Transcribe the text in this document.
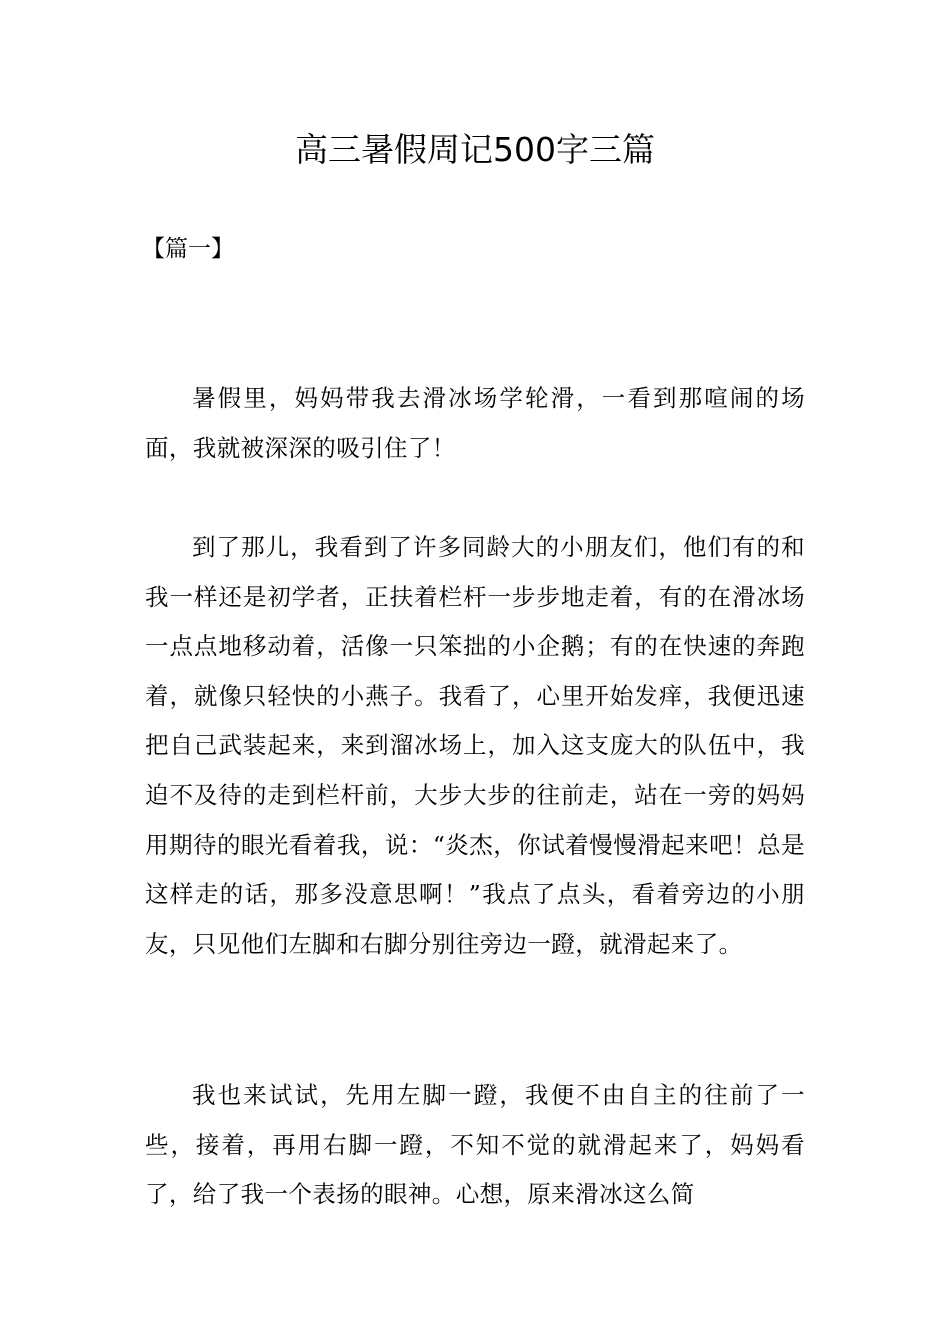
高三暑假周记500字三篇
【篇一】

暑假里，妈妈带我去滑冰场学轮滑，一看到那喧闹的场面，我就被深深的吸引住了！

到了那儿，我看到了许多同龄大的小朋友们，他们有的和我一样还是初学者，正扶着栏杆一步步地走着，有的在滑冰场一点点地移动着，活像一只笨拙的小企鹅；有的在快速的奔跑着，就像只轻快的小燕子。我看了，心里开始发痒，我便迅速把自己武装起来，来到溜冰场上，加入这支庞大的队伍中，我迫不及待的走到栏杆前，大步大步的往前走，站在一旁的妈妈用期待的眼光看着我，说：“炎杰，你试着慢慢滑起来吧！总是这样走的话，那多没意思啊！”我点了点头，看着旁边的小朋友，只见他们左脚和右脚分别往旁边一蹬，就滑起来了。

我也来试试，先用左脚一蹬，我便不由自主的往前了一些，接着，再用右脚一蹬，不知不觉的就滑起来了，妈妈看了，给了我一个表扬的眼神。心想，原来滑冰这么简
